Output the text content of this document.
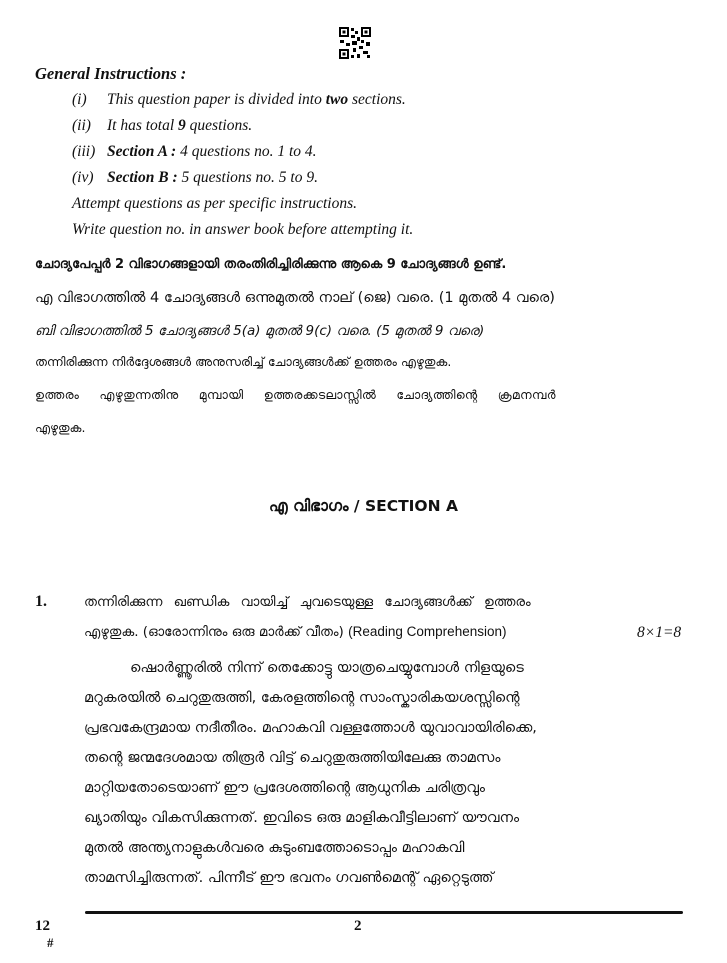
General Instructions :
(i) This question paper is divided into two sections.
(ii) It has total 9 questions.
(iii) Section A : 4 questions no. 1 to 4.
(iv) Section B : 5 questions no. 5 to 9.
Attempt questions as per specific instructions.
Write question no. in answer book before attempting it.
ചോദ്യപേപ്പർ 2 വിഭാഗങ്ങളായി തരംതിരിച്ചിരിക്കുന്നു ആകെ 9 ചോദ്യങ്ങൾ ഉണ്ട്.
എ വിഭാഗത്തിൽ 4 ചോദ്യങ്ങൾ ഒന്നുമുതൽ നാല് (ജെ) വരെ. (1 മുതൽ 4 വരെ)
ബി വിഭാഗത്തിൽ 5 ചോദ്യങ്ങൾ 5(a) മുതൽ 9(c) വരെ. (5 മുതൽ 9 വരെ)
തന്നിരിക്കുന്ന നിർദ്ദേശങ്ങൾ അനുസരിച്ച് ചോദ്യങ്ങൾക്ക് ഉത്തരം എഴുതുക.
ഉത്തരം എഴുതുന്നതിനു മുമ്പായി ഉത്തരക്കടലാസ്സിൽ ചോദ്യത്തിന്റെ ക്രമനമ്പർ
എഴുതുക.
എ വിഭാഗം / SECTION A
1.	തന്നിരിക്കുന്ന ഖണ്ഡിക വായിച്ച് ചുവടെയുള്ള ചോദ്യങ്ങൾക്ക് ഉത്തരം
എഴുതുക. (ഓരോന്നിനും ഒരു മാർക്ക് വീതം) (Reading Comprehension)	8×1=8
ഷൊർണ്ണൂരിൽ നിന്ന് തെക്കോട്ടു യാത്രചെയ്യുമ്പോൾ നിളയുടെ
മറുകരയിൽ ചെറുതുരുത്തി, കേരളത്തിന്റെ സാംസ്കാരികയശസ്സിന്റെ
പ്രഭവകേന്ദ്രമായ നദീതീരം. മഹാകവി വള്ളത്തോൾ യുവാവായിരിക്കെ,
തന്റെ ജന്മദേശമായ തിരൂർ വിട്ട് ചെറുതുരുത്തിയിലേക്കു താമസം
മാറ്റിയതോടെയാണ് ഈ പ്രദേശത്തിന്റെ ആധുനിക ചരിത്രവും
ഖ്യാതിയും വികസിക്കുന്നത്. ഇവിടെ ഒരു മാളികവീട്ടിലാണ് യൗവനം
മുതൽ അന്ത്യനാളുകൾവരെ കുടുംബത്തോടൊപ്പം മഹാകവി
താമസിച്ചിരുന്നത്. പിന്നീട് ഈ ഭവനം ഗവൺമെന്റ് ഏറ്റെടുത്ത്
12
#
2
